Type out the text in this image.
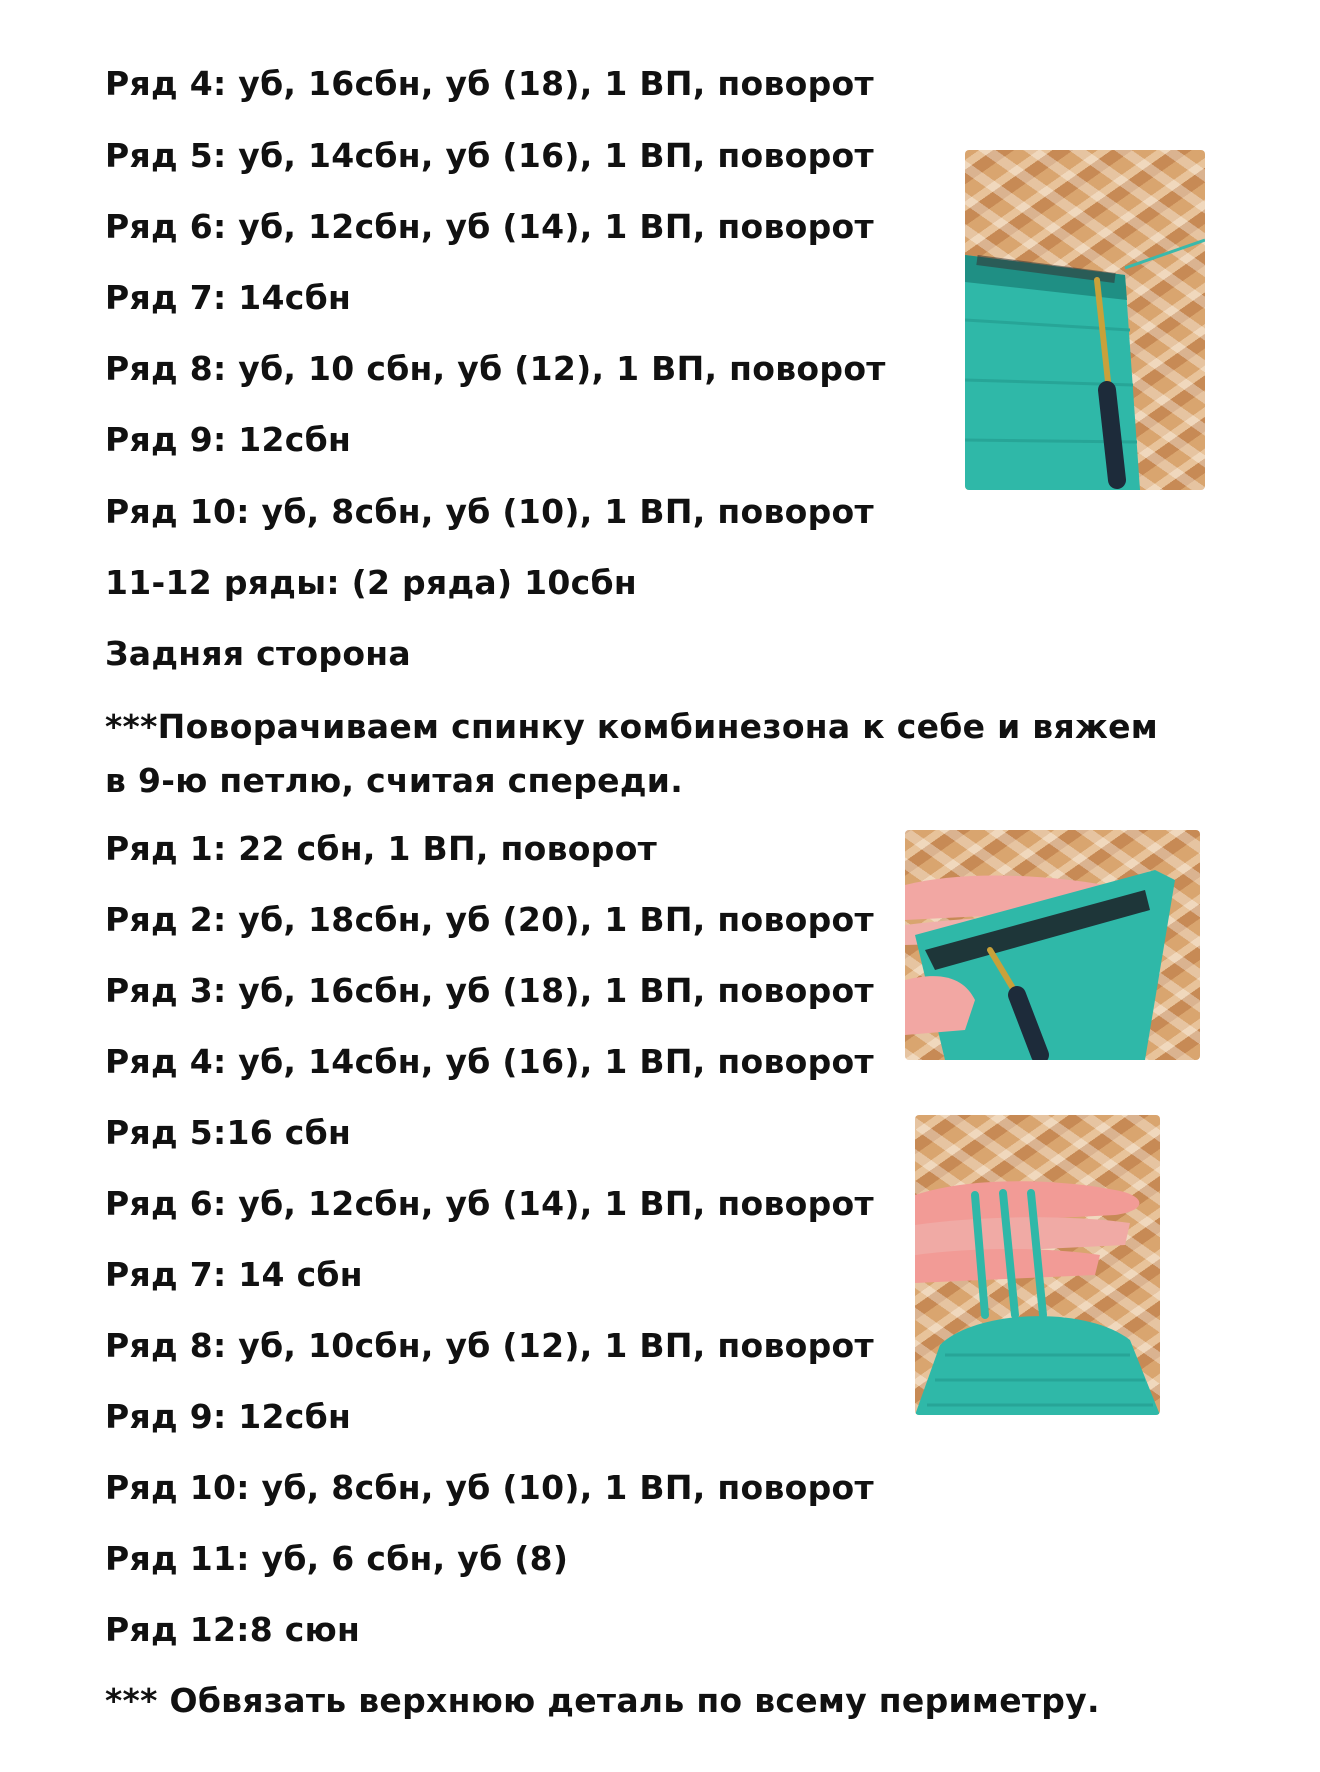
Ряд 4: уб, 16сбн, уб (18), 1 ВП, поворот
Ряд 5: уб, 14сбн, уб (16), 1 ВП, поворот
Ряд 6: уб, 12сбн, уб (14), 1 ВП, поворот
Ряд 7: 14сбн
Ряд 8: уб, 10 сбн, уб (12), 1 ВП, поворот
Ряд 9: 12сбн
Ряд 10: уб, 8сбн, уб (10), 1 ВП, поворот
11-12 ряды: (2 ряда) 10сбн
Задняя сторона
***Поворачиваем спинку комбинезона к себе и вяжем в 9-ю петлю, считая спереди.
Ряд 1: 22 сбн, 1 ВП, поворот
Ряд 2: уб, 18сбн, уб (20), 1 ВП, поворот
Ряд 3: уб, 16сбн, уб (18), 1 ВП, поворот
Ряд 4: уб, 14сбн, уб (16), 1 ВП, поворот
Ряд 5:16 сбн
Ряд 6: уб, 12сбн, уб (14), 1 ВП, поворот
Ряд 7: 14 сбн
Ряд 8: уб, 10сбн, уб (12), 1 ВП, поворот
Ряд 9: 12сбн
Ряд 10: уб, 8сбн, уб (10), 1 ВП, поворот
Ряд 11: уб, 6 сбн, уб (8)
Ряд 12:8 сюн
*** Обвязать верхнюю деталь по всему периметру.
